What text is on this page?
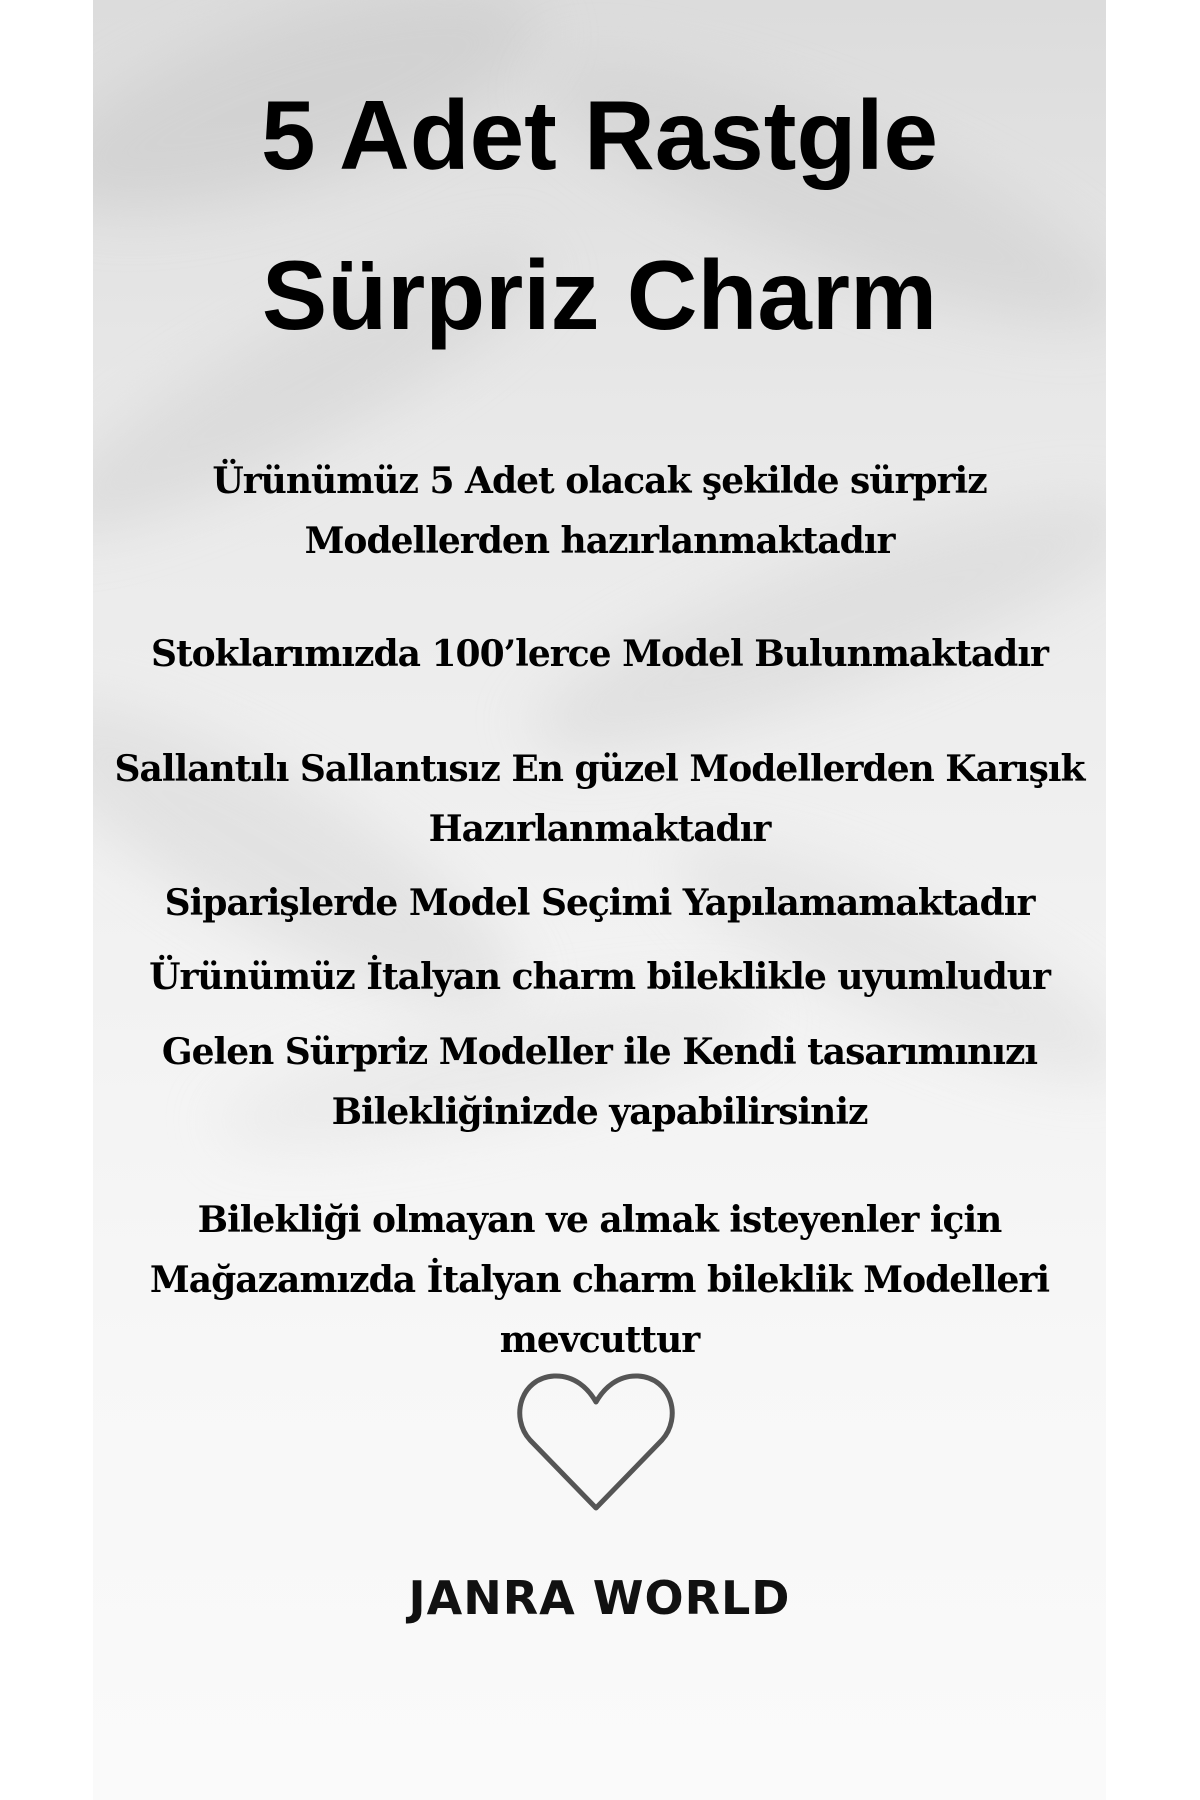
5 Adet Rastgle
Sürpriz Charm
Ürünümüz 5 Adet olacak şekilde sürpriz
Modellerden hazırlanmaktadır
Stoklarımızda 100’lerce Model Bulunmaktadır
Sallantılı Sallantısız En güzel Modellerden Karışık
Hazırlanmaktadır
Siparişlerde Model Seçimi Yapılamamaktadır
Ürünümüz İtalyan charm bileklikle uyumludur
Gelen Sürpriz Modeller ile Kendi tasarımınızı
Bilekliğinizde yapabilirsiniz
Bilekliği olmayan ve almak isteyenler için
Mağazamızda İtalyan charm bileklik Modelleri
mevcuttur
JANRA WORLD
